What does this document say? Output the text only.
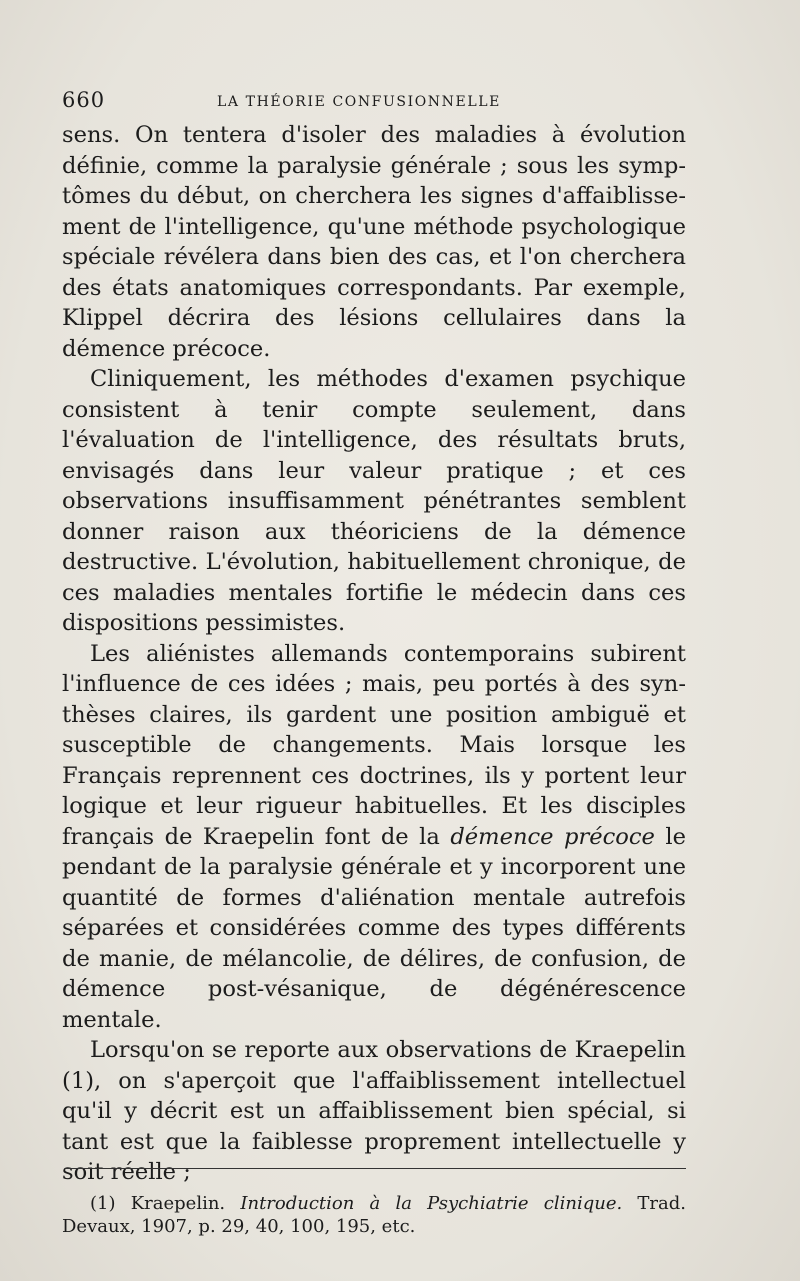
660	LA THÉORIE CONFUSIONNELLE

sens. On tentera d'isoler des maladies à évolution définie, comme la paralysie générale ; sous les symptômes du début, on cherchera les signes d'affaiblissement de l'intelligence, qu'une méthode psychologique spéciale révélera dans bien des cas, et l'on cherchera des états anatomiques correspondants. Par exemple, Klippel décrira des lésions cellulaires dans la démence précoce.

Cliniquement, les méthodes d'examen psychique consistent à tenir compte seulement, dans l'évaluation de l'intelligence, des résultats bruts, envisagés dans leur valeur pratique ; et ces observations insuffisamment pénétrantes semblent donner raison aux théoriciens de la démence destructive. L'évolution, habituellement chronique, de ces maladies mentales fortifie le médecin dans ces dispositions pessimistes.

Les aliénistes allemands contemporains subirent l'influence de ces idées ; mais, peu portés à des synthèses claires, ils gardent une position ambiguë et susceptible de changements. Mais lorsque les Français reprennent ces doctrines, ils y portent leur logique et leur rigueur habituelles. Et les disciples français de Kraepelin font de la démence précoce le pendant de la paralysie générale et y incorporent une quantité de formes d'aliénation mentale autrefois séparées et considérées comme des types différents de manie, de mélancolie, de délires, de confusion, de démence post-vésanique, de dégénérescence mentale.

Lorsqu'on se reporte aux observations de Kraepelin (1), on s'aperçoit que l'affaiblissement intellectuel qu'il y décrit est un affaiblissement bien spécial, si tant est que la faiblesse proprement intellectuelle y soit réelle ;

(1) Kraepelin. Introduction à la Psychiatrie clinique. Trad. Devaux, 1907, p. 29, 40, 100, 195, etc.
